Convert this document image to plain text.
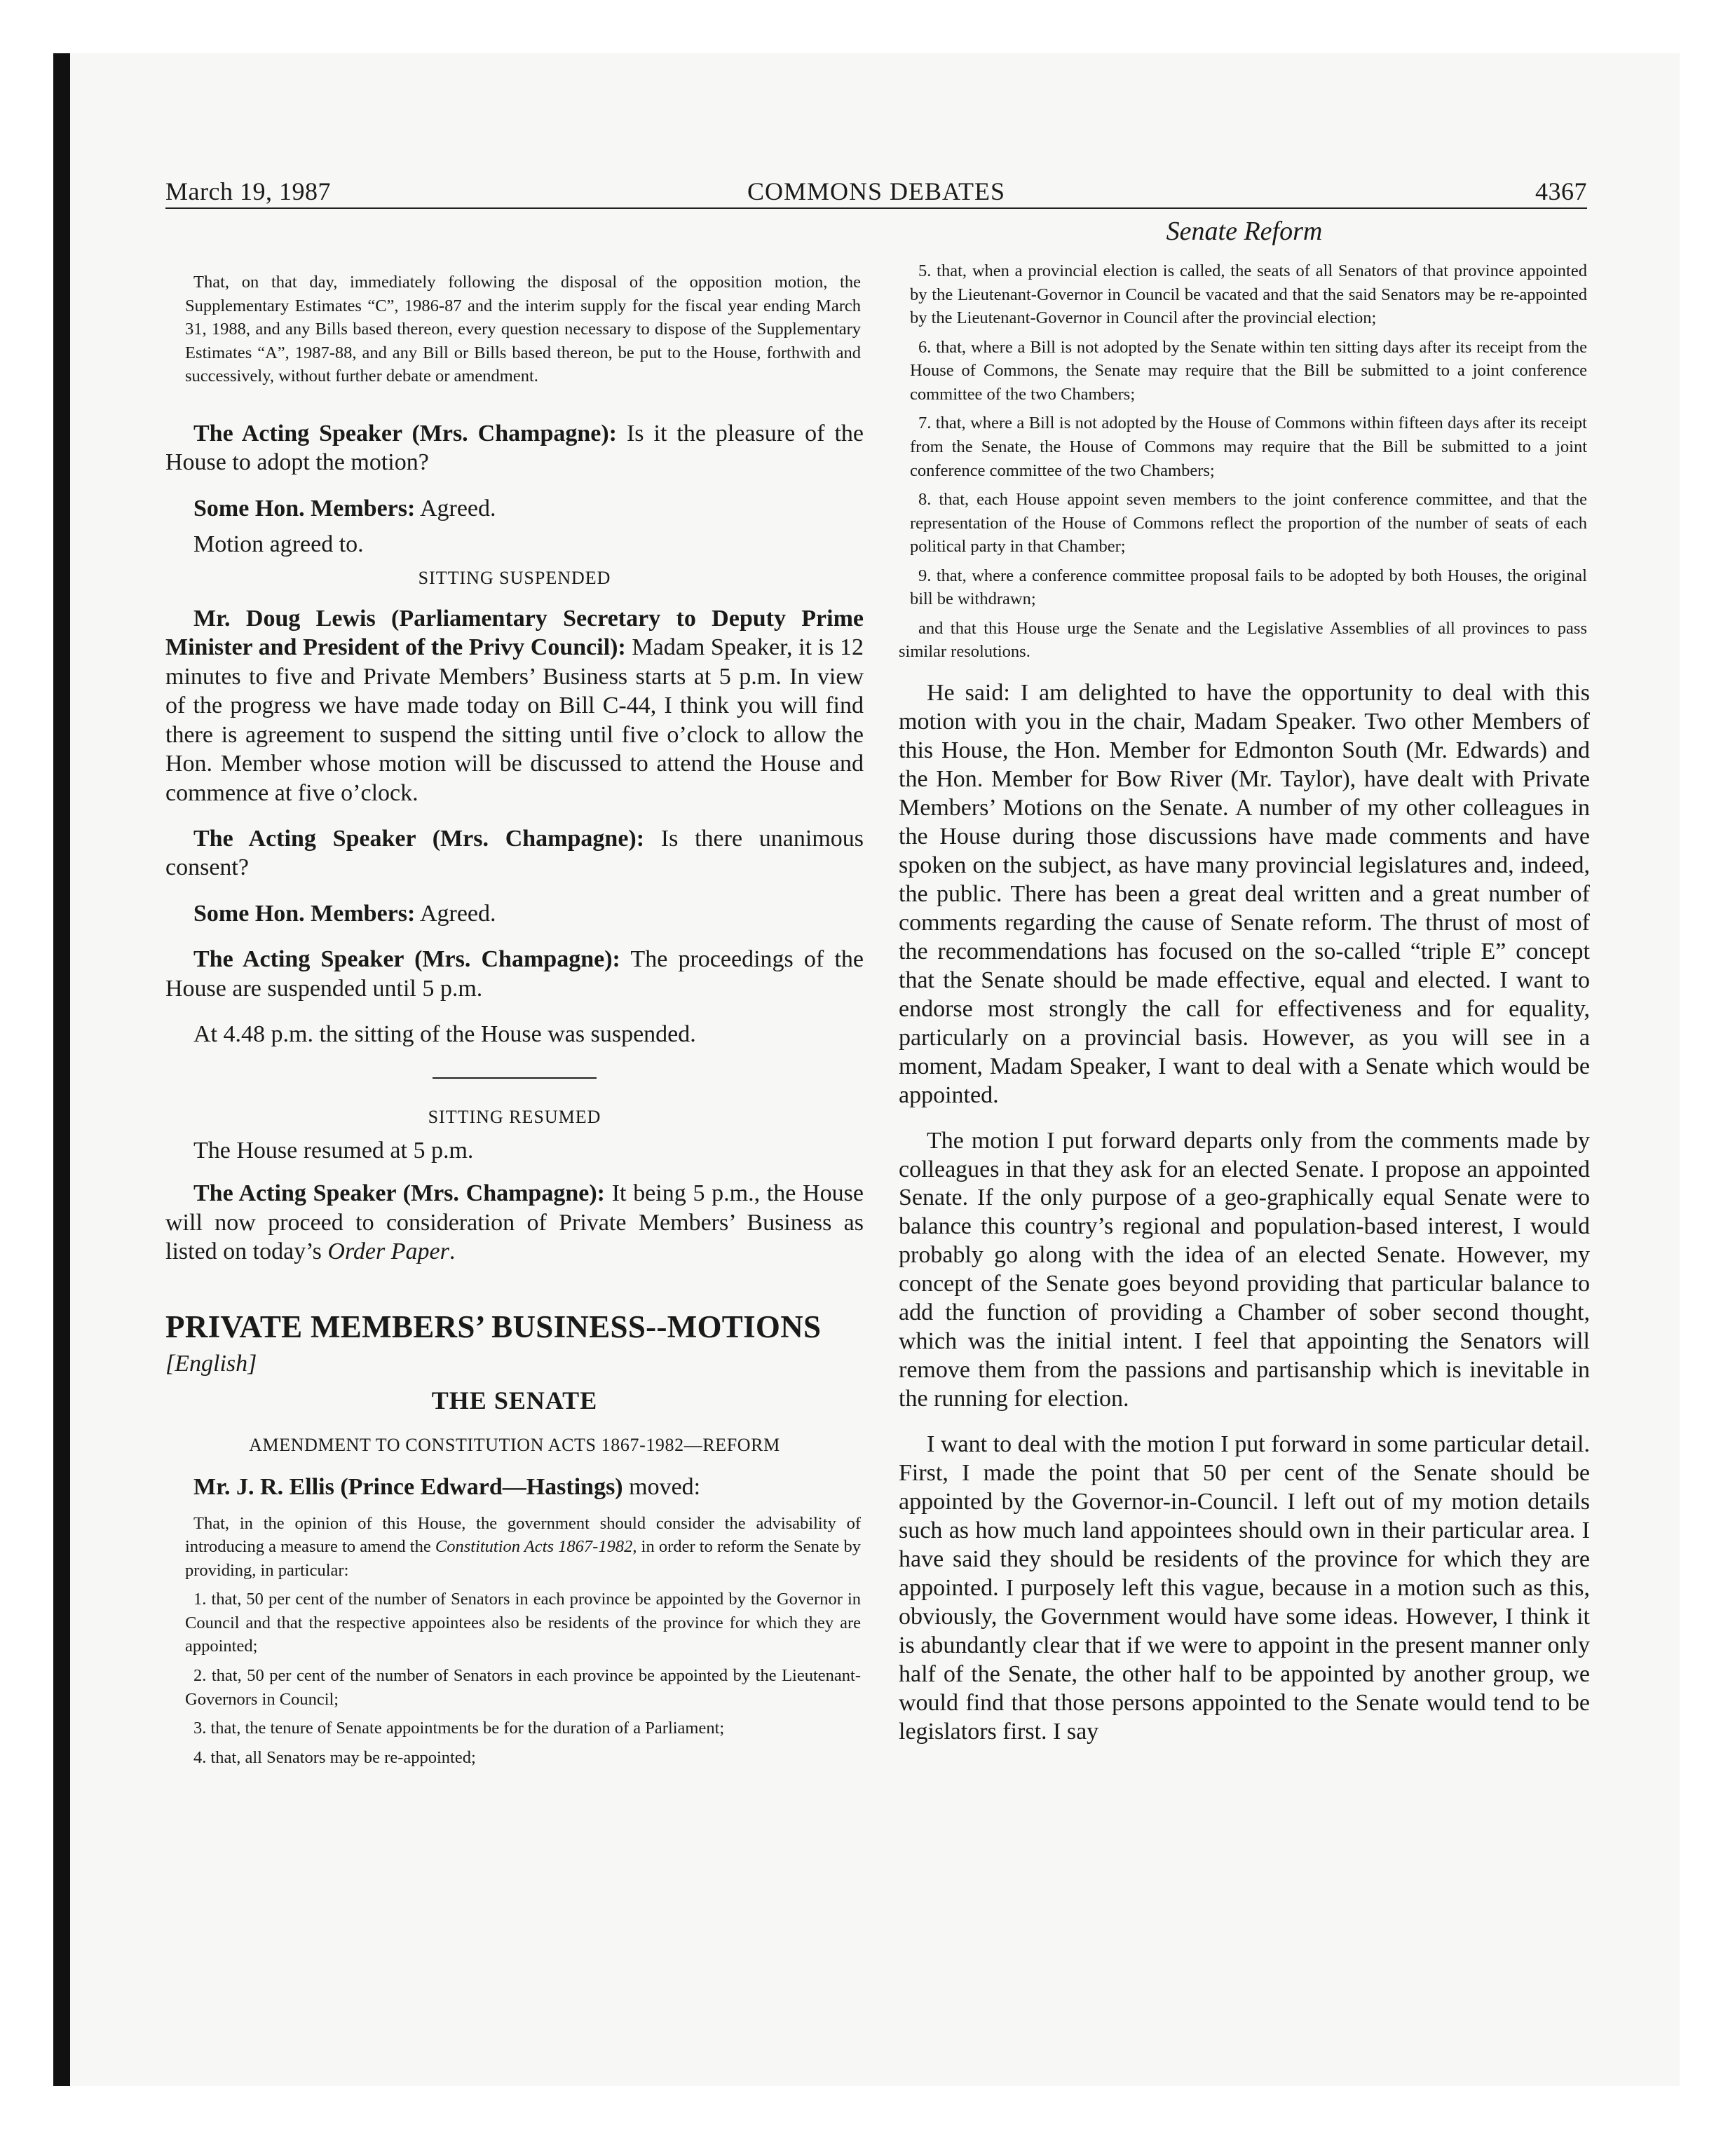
March 19, 1987	COMMONS DEBATES	4367

That, on that day, immediately following the disposal of the opposition motion, the Supplementary Estimates “C”, 1986-87 and the interim supply for the fiscal year ending March 31, 1988, and any Bills based thereon, every question necessary to dispose of the Supplementary Estimates “A”, 1987-88, and any Bill or Bills based thereon, be put to the House, forthwith and successively, without further debate or amendment.

The Acting Speaker (Mrs. Champagne): Is it the pleasure of the House to adopt the motion?

Some Hon. Members: Agreed.

Motion agreed to.

SITTING SUSPENDED

Mr. Doug Lewis (Parliamentary Secretary to Deputy Prime Minister and President of the Privy Council): Madam Speaker, it is 12 minutes to five and Private Members’ Business starts at 5 p.m. In view of the progress we have made today on Bill C-44, I think you will find there is agreement to suspend the sitting until five o’clock to allow the Hon. Member whose motion will be discussed to attend the House and commence at five o’clock.

The Acting Speaker (Mrs. Champagne): Is there unanimous consent?

Some Hon. Members: Agreed.

The Acting Speaker (Mrs. Champagne): The proceedings of the House are suspended until 5 p.m.

At 4.48 p.m. the sitting of the House was suspended.

SITTING RESUMED

The House resumed at 5 p.m.

The Acting Speaker (Mrs. Champagne): It being 5 p.m., the House will now proceed to consideration of Private Members’ Business as listed on today’s Order Paper.

PRIVATE MEMBERS’ BUSINESS--MOTIONS
[English]
THE SENATE
AMENDMENT TO CONSTITUTION ACTS 1867-1982—REFORM

Mr. J. R. Ellis (Prince Edward—Hastings) moved:

That, in the opinion of this House, the government should consider the advisability of introducing a measure to amend the Constitution Acts 1867-1982, in order to reform the Senate by providing, in particular:

1. that, 50 per cent of the number of Senators in each province be appointed by the Governor in Council and that the respective appointees also be residents of the province for which they are appointed;

2. that, 50 per cent of the number of Senators in each province be appointed by the Lieutenant-Governors in Council;

3. that, the tenure of Senate appointments be for the duration of a Parliament;

4. that, all Senators may be re-appointed;

Senate Reform

5. that, when a provincial election is called, the seats of all Senators of that province appointed by the Lieutenant-Governor in Council be vacated and that the said Senators may be re-appointed by the Lieutenant-Governor in Council after the provincial election;

6. that, where a Bill is not adopted by the Senate within ten sitting days after its receipt from the House of Commons, the Senate may require that the Bill be submitted to a joint conference committee of the two Chambers;

7. that, where a Bill is not adopted by the House of Commons within fifteen days after its receipt from the Senate, the House of Commons may require that the Bill be submitted to a joint conference committee of the two Chambers;

8. that, each House appoint seven members to the joint conference committee, and that the representation of the House of Commons reflect the proportion of the number of seats of each political party in that Chamber;

9. that, where a conference committee proposal fails to be adopted by both Houses, the original bill be withdrawn;

and that this House urge the Senate and the Legislative Assemblies of all provinces to pass similar resolutions.

He said: I am delighted to have the opportunity to deal with this motion with you in the chair, Madam Speaker. Two other Members of this House, the Hon. Member for Edmonton South (Mr. Edwards) and the Hon. Member for Bow River (Mr. Taylor), have dealt with Private Members’ Motions on the Senate. A number of my other colleagues in the House during those discussions have made comments and have spoken on the subject, as have many provincial legislatures and, indeed, the public. There has been a great deal written and a great number of comments regarding the cause of Senate reform. The thrust of most of the recommendations has focused on the so-called “triple E” concept that the Senate should be made effective, equal and elected. I want to endorse most strongly the call for effectiveness and for equality, particularly on a provincial basis. However, as you will see in a moment, Madam Speaker, I want to deal with a Senate which would be appointed.

The motion I put forward departs only from the comments made by colleagues in that they ask for an elected Senate. I propose an appointed Senate. If the only purpose of a geo-graphically equal Senate were to balance this country’s regional and population-based interest, I would probably go along with the idea of an elected Senate. However, my concept of the Senate goes beyond providing that particular balance to add the function of providing a Chamber of sober second thought, which was the initial intent. I feel that appointing the Senators will remove them from the passions and partisanship which is inevitable in the running for election.

I want to deal with the motion I put forward in some particular detail. First, I made the point that 50 per cent of the Senate should be appointed by the Governor-in-Council. I left out of my motion details such as how much land appointees should own in their particular area. I have said they should be residents of the province for which they are appointed. I purposely left this vague, because in a motion such as this, obviously, the Government would have some ideas. However, I think it is abundantly clear that if we were to appoint in the present manner only half of the Senate, the other half to be appointed by another group, we would find that those persons appointed to the Senate would tend to be legislators first. I say
